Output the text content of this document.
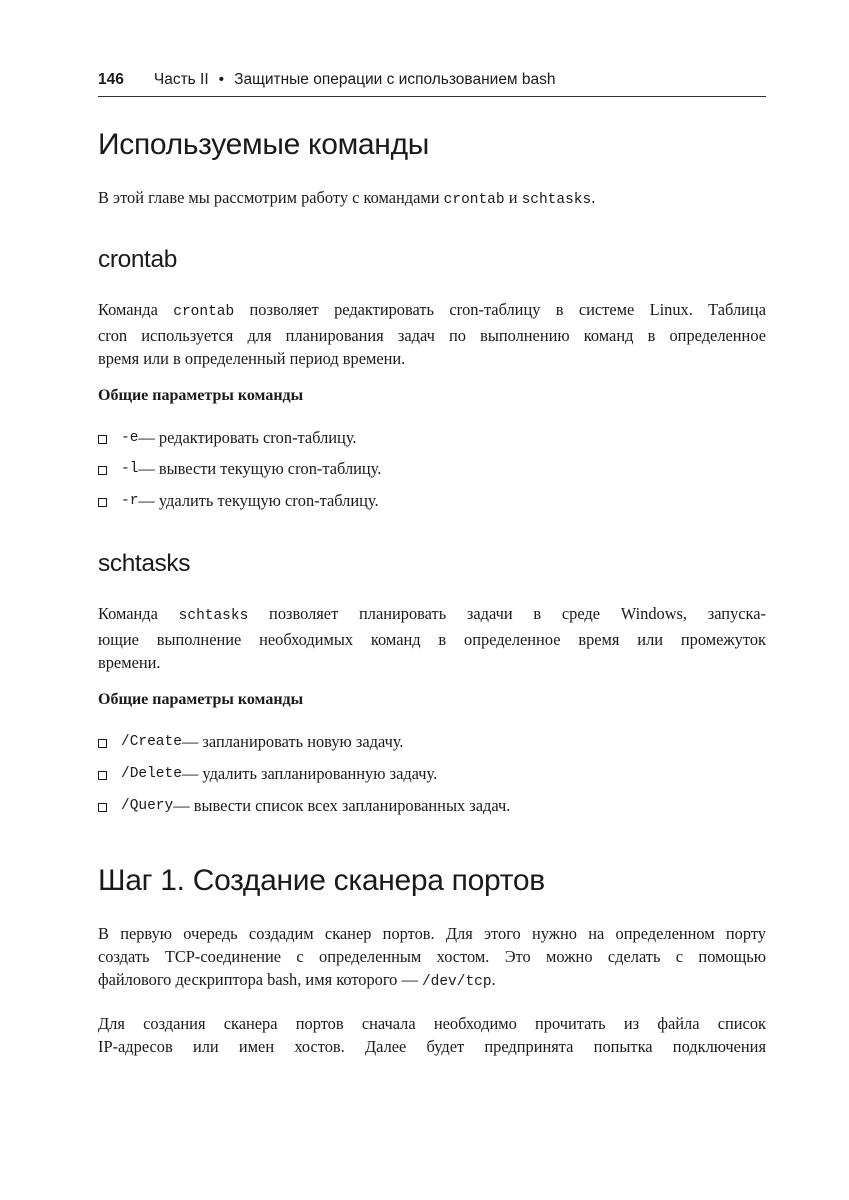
146 Часть II • Защитные операции с использованием bash
Используемые команды

В этой главе мы рассмотрим работу с командами crontab и schtasks.

crontab

Команда crontab позволяет редактировать cron-таблицу в системе Linux. Таблица
cron используется для планирования задач по выполнению команд в определенное
время или в определенный период времени.

Общие параметры команды

-e — редактировать cron-таблицу.
-l — вывести текущую cron-таблицу.
-r — удалить текущую cron-таблицу.
schtasks

Команда schtasks позволяет планировать задачи в среде Windows, запуска-
ющие выполнение необходимых команд в определенное время или промежуток
времени.

Общие параметры команды

/Create — запланировать новую задачу.
/Delete — удалить запланированную задачу.
/Query — вывести список всех запланированных задач.
Шаг 1. Создание сканера портов

В первую очередь создадим сканер портов. Для этого нужно на определенном порту
создать TCP-соединение с определенным хостом. Это можно сделать с помощью
файлового дескриптора bash, имя которого — /dev/tcp.

Для создания сканера портов сначала необходимо прочитать из файла список
IP-адресов или имен хостов. Далее будет предпринята попытка подключения
